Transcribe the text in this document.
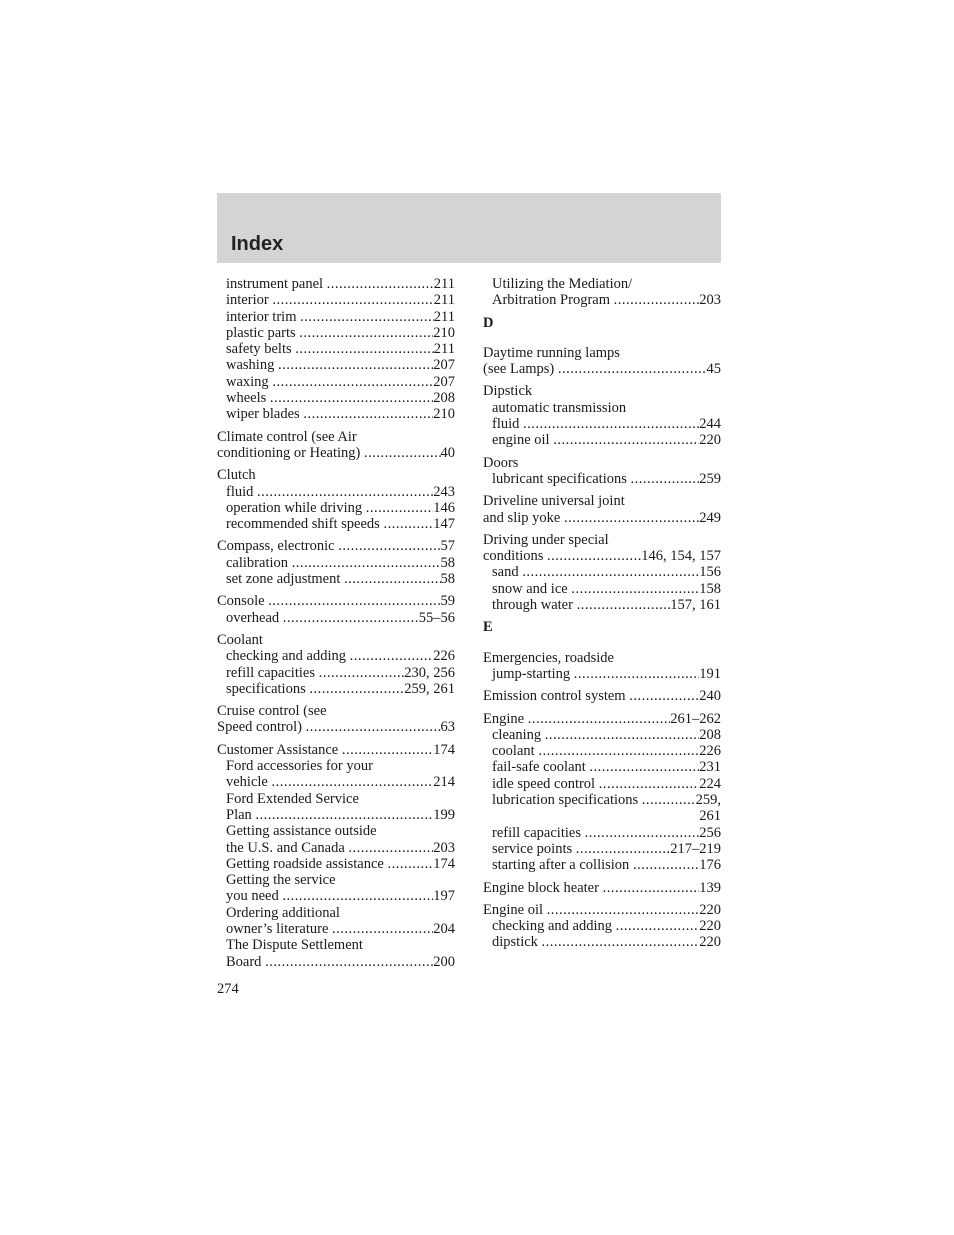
Index
instrument panel
.....	211
interior
.....	211
interior trim
.....	211
plastic parts
.....	210
safety belts
.....	211
washing
.....	207
waxing
.....	207
wheels
.....	208
wiper blades
.....	210
Climate control (see Air
conditioning or Heating)
.....	40
Clutch
fluid
.....	243
operation while driving
.....	146
recommended shift speeds
.....	147
Compass, electronic
.....	57
calibration
.....	58
set zone adjustment
.....	58
Console
.....	59
overhead
.....	55–56
Coolant
checking and adding
.....	226
refill capacities
.....	230, 256
specifications
.....	259, 261
Cruise control (see
Speed control)
.....	63
Customer Assistance
.....	174
Ford accessories for your
vehicle
.....	214
Ford Extended Service
Plan
.....	199
Getting assistance outside
the U.S. and Canada
.....	203
Getting roadside assistance
.....	174
Getting the service
you need
.....	197
Ordering additional
owner’s literature
.....	204
The Dispute Settlement
Board
.....	200
Utilizing the Mediation/
Arbitration Program
.....	203
D
Daytime running lamps
(see Lamps)
.....	45
Dipstick
automatic transmission
fluid
.....	244
engine oil
.....	220
Doors
lubricant specifications
.....	259
Driveline universal joint
and slip yoke
.....	249
Driving under special
conditions
.....	146, 154, 157
sand
.....	156
snow and ice
.....	158
through water
.....	157, 161
E
Emergencies, roadside
jump-starting
.....	191
Emission control system
.....	240
Engine
.....	261–262
cleaning
.....	208
coolant
.....	226
fail-safe coolant
.....	231
idle speed control
.....	224
lubrication specifications
.....	259,
261
refill capacities
.....	256
service points
.....	217–219
starting after a collision
.....	176
Engine block heater
.....	139
Engine oil
.....	220
checking and adding
.....	220
dipstick
.....	220
274
